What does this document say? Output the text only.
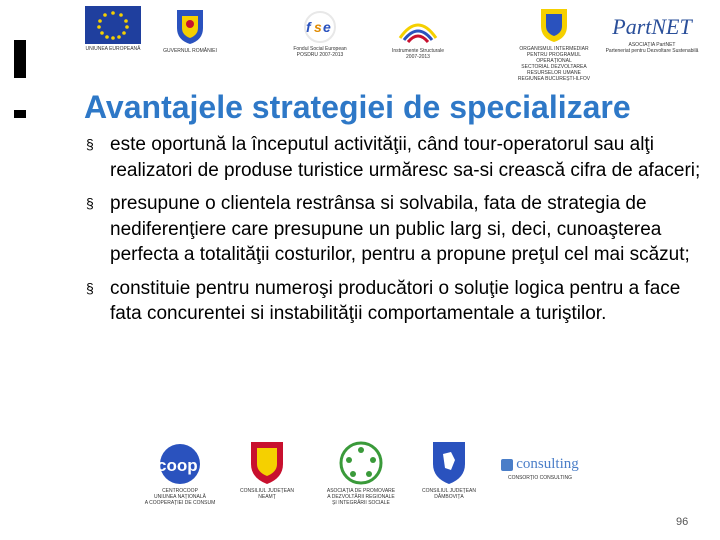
UNIUNEA EUROPEANĂ	GUVERNUL ROMÂNIEI
f s e
Fondul Social European
POSDRU 2007-2013
Instrumente Structurale
2007-2013
ORGANISMUL INTERMEDIAR
PENTRU PROGRAMUL OPERAȚIONAL
SECTORIAL DEZVOLTAREA
RESURSELOR UMANE
REGIUNEA BUCUREȘTI-ILFOV
PartNET
ASOCIAȚIA PartNET
Parteneriat pentru Dezvoltare Sustenabilă
Avantajele strategiei de specializare
§ este oportună la începutul activităţii, când tour-operatorul sau alţi realizatori de produse turistice urmăresc sa-si crească cifra de afaceri;
§ presupune o clientela restrânsa si solvabila, fata de strategia de nediferenţiere care presupune un public larg si, deci, cunoaşterea perfecta a totalităţii costurilor, pentru a propune preţul cel mai scăzut;
§ constituie pentru numeroşi producători o soluţie logica pentru a face fata concurentei si instabilităţii comportamentale a turiştilor.
coop
CENTROCOOP
UNIUNEA NAȚIONALĂ
A COOPERAȚIEI DE CONSUM
CONSILIUL JUDEȚEAN
NEAMȚ
ASOCIAȚIA DE PROMOVARE
A DEZVOLTĂRII REGIONALE
ȘI INTEGRĂRII SOCIALE
CONSILIUL JUDEȚEAN
DÂMBOVIȚA
consulting
CONSORȚIO CONSULTING
96
